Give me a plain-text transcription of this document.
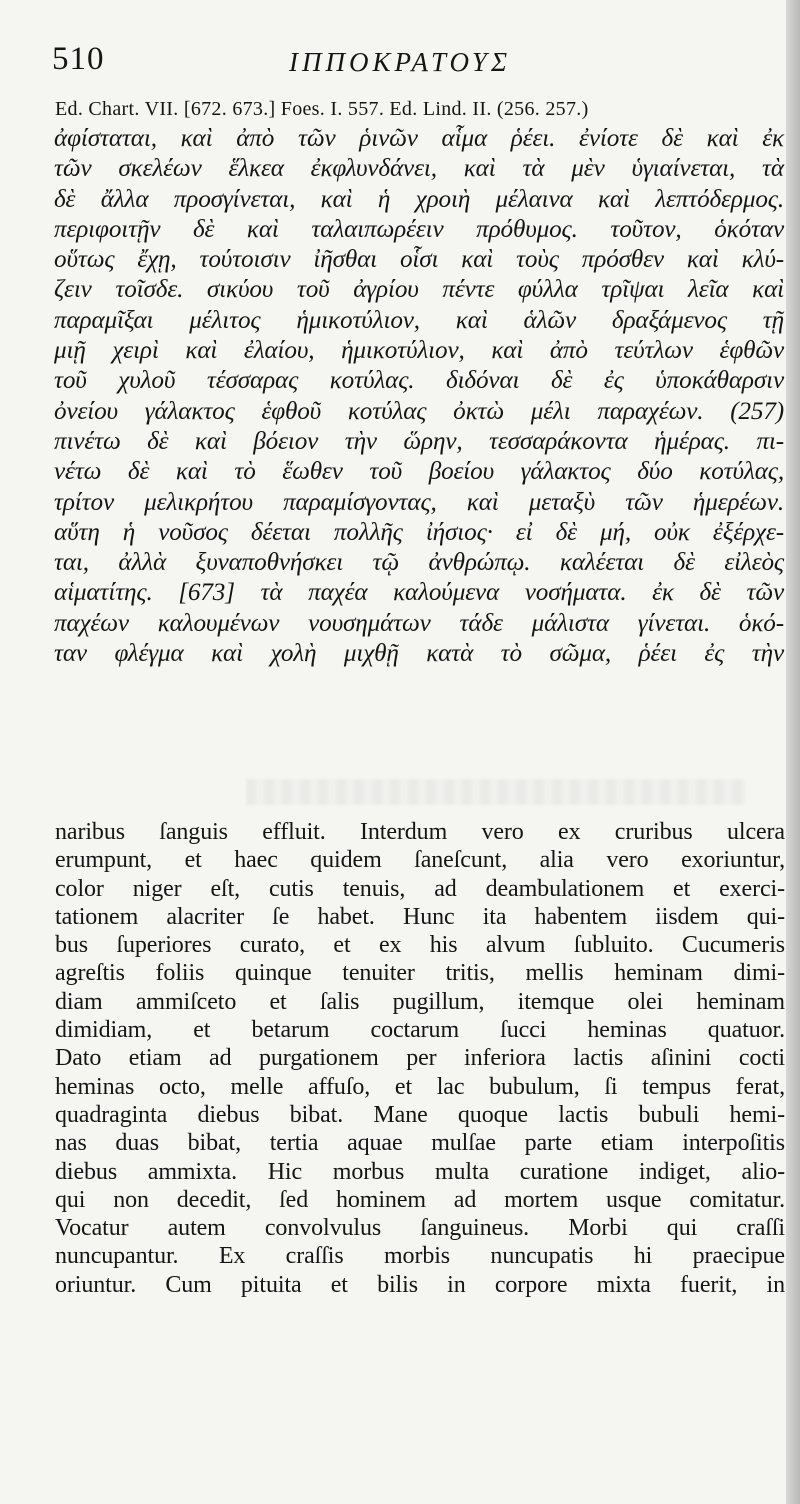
510	ΙΠΠΟΚΡΑΤΟΥΣ
Ed. Chart. VII. [672. 673.] Foes. I. 557. Ed. Lind. II. (256. 257.)
ἀφίσταται, καὶ ἀπὸ τῶν ῥινῶν αἷμα ῥέει. ἐνίοτε δὲ καὶ ἐκ
τῶν σκελέων ἕλκεα ἐκφλυνδάνει, καὶ τὰ μὲν ὑγιαίνεται, τὰ
δὲ ἄλλα προσγίνεται, καὶ ἡ χροιὴ μέλαινα καὶ λεπτόδερμος.
περιφοιτῇν δὲ καὶ ταλαιπωρέειν πρόθυμος. τοῦτον, ὁκόταν
οὕτως ἔχῃ, τούτοισιν ἰῆσθαι οἷσι καὶ τοὺς πρόσθεν καὶ κλύ-
ζειν τοῖσδε. σικύου τοῦ ἀγρίου πέντε φύλλα τρῖψαι λεῖα καὶ
παραμῖξαι μέλιτος ἡμικοτύλιον, καὶ ἁλῶν δραξάμενος τῇ
μιῇ χειρὶ καὶ ἐλαίου, ἡμικοτύλιον, καὶ ἀπὸ τεύτλων ἑφθῶν
τοῦ χυλοῦ τέσσαρας κοτύλας. διδόναι δὲ ἐς ὑποκάθαρσιν
ὀνείου γάλακτος ἑφθοῦ κοτύλας ὀκτὼ μέλι παραχέων. (257)
πινέτω δὲ καὶ βόειον τὴν ὥρην, τεσσαράκοντα ἡμέρας. πι-
νέτω δὲ καὶ τὸ ἕωθεν τοῦ βοείου γάλακτος δύο κοτύλας,
τρίτον μελικρήτου παραμίσγοντας, καὶ μεταξὺ τῶν ἡμερέων.
αὕτη ἡ νοῦσος δέεται πολλῆς ἰήσιος· εἰ δὲ μή, οὐκ ἐξέρχε-
ται, ἀλλὰ ξυναποθνήσκει τῷ ἀνθρώπῳ. καλέεται δὲ εἰλεὸς
αἱματίτης. [673] τὰ παχέα καλούμενα νοσήματα. ἐκ δὲ τῶν
παχέων καλουμένων νουσημάτων τάδε μάλιστα γίνεται. ὁκό-
ταν φλέγμα καὶ χολὴ μιχθῇ κατὰ τὸ σῶμα, ῥέει ἐς τὴν
naribus ſanguis effluit. Interdum vero ex cruribus ulcera
erumpunt, et haec quidem ſaneſcunt, alia vero exoriuntur,
color niger eſt, cutis tenuis, ad deambulationem et exerci-
tationem alacriter ſe habet. Hunc ita habentem iisdem qui-
bus ſuperiores curato, et ex his alvum ſubluito. Cucumeris
agreſtis foliis quinque tenuiter tritis, mellis heminam dimi-
diam ammiſceto et ſalis pugillum, itemque olei heminam
dimidiam, et betarum coctarum ſucci heminas quatuor.
Dato etiam ad purgationem per inferiora lactis aſinini cocti
heminas octo, melle affuſo, et lac bubulum, ſi tempus ferat,
quadraginta diebus bibat. Mane quoque lactis bubuli hemi-
nas duas bibat, tertia aquae mulſae parte etiam interpoſitis
diebus ammixta. Hic morbus multa curatione indiget, alio-
qui non decedit, ſed hominem ad mortem usque comitatur.
Vocatur autem convolvulus ſanguineus. Morbi qui craſſi
nuncupantur. Ex craſſis morbis nuncupatis hi praecipue
oriuntur. Cum pituita et bilis in corpore mixta fuerit, in
